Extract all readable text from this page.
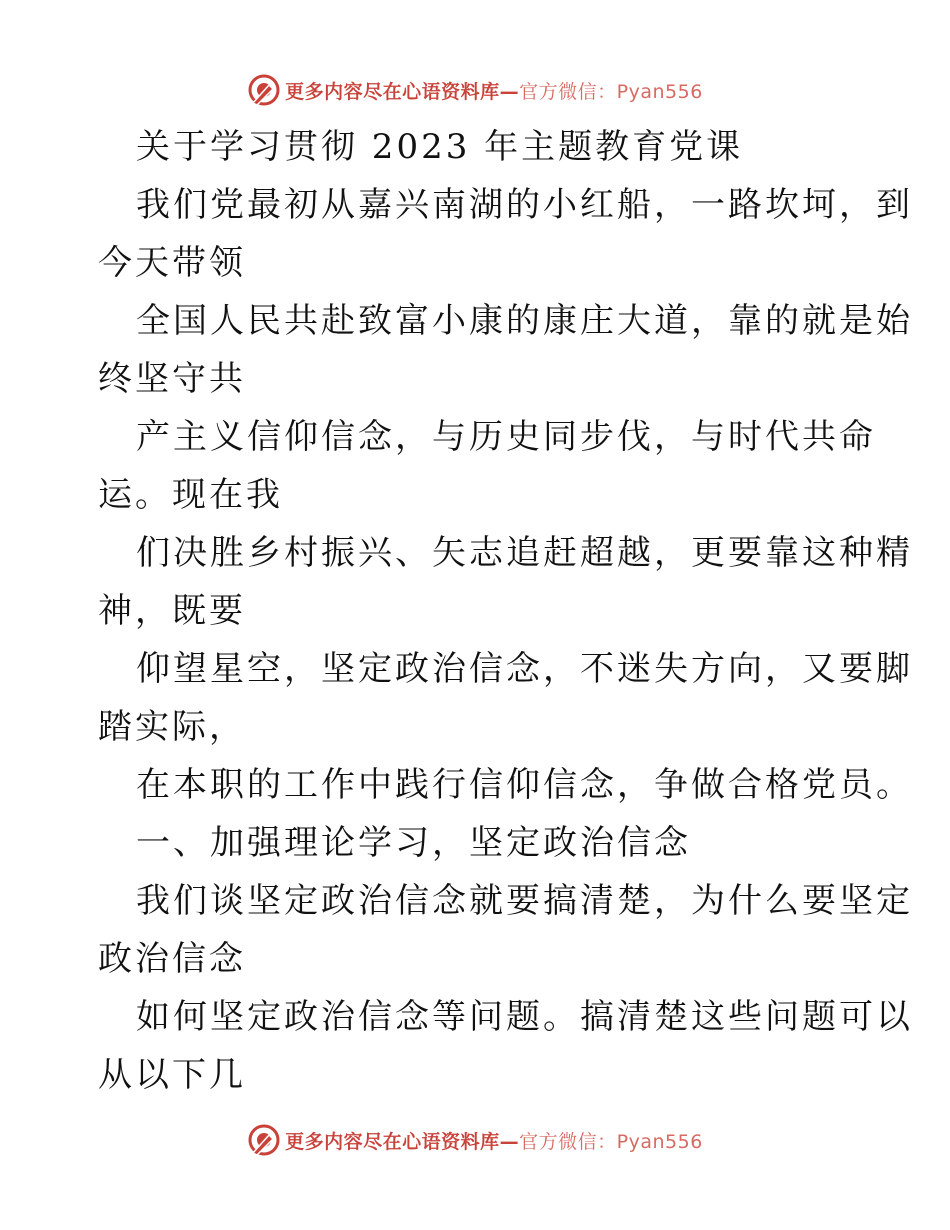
更多内容尽在心语资料库—官方微信：Pyan556
关于学习贯彻 2023 年主题教育党课
我们党最初从嘉兴南湖的小红船，一路坎坷，到
今天带领
全国人民共赴致富小康的康庄大道，靠的就是始
终坚守共
产主义信仰信念，与历史同步伐，与时代共命
运。现在我
们决胜乡村振兴、矢志追赶超越，更要靠这种精
神，既要
仰望星空，坚定政治信念，不迷失方向，又要脚
踏实际，
在本职的工作中践行信仰信念，争做合格党员。
一、加强理论学习，坚定政治信念
我们谈坚定政治信念就要搞清楚，为什么要坚定
政治信念
如何坚定政治信念等问题。搞清楚这些问题可以
从以下几
更多内容尽在心语资料库—官方微信：Pyan556
